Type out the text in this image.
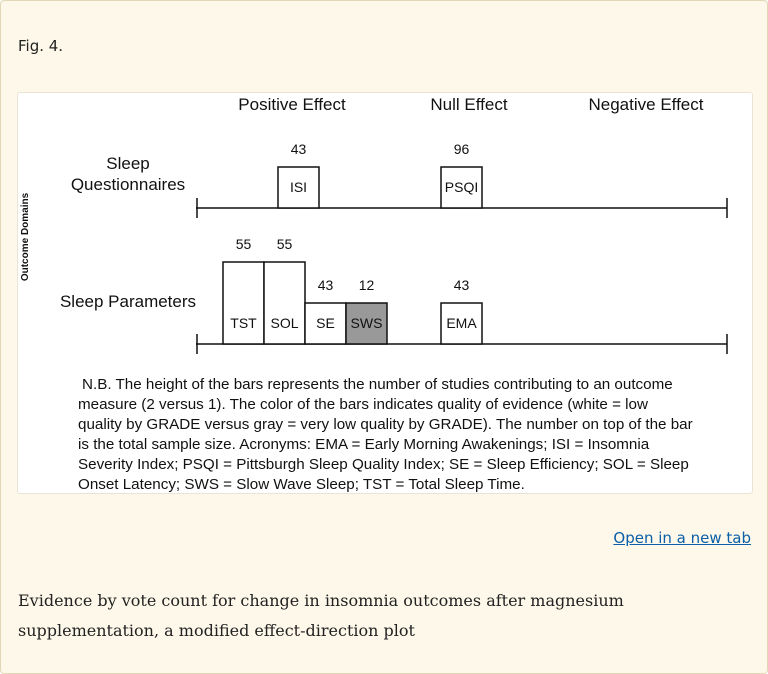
Fig. 4.
Positive Effect	Null Effect	Negative Effect
Outcome Domains
Sleep
Questionnaires
Sleep Parameters
ISI
43
PSQI
96
TST
55
SOL
55
SE
43
SWS
12
EMA
43
N.B. The height of the bars represents the number of studies contributing to an outcome
measure (2 versus 1). The color of the bars indicates quality of evidence (white = low
quality by GRADE versus gray = very low quality by GRADE). The number on top of the bar
is the total sample size. Acronyms: EMA = Early Morning Awakenings; ISI = Insomnia
Severity Index; PSQI = Pittsburgh Sleep Quality Index; SE = Sleep Efficiency; SOL = Sleep
Onset Latency; SWS = Slow Wave Sleep; TST = Total Sleep Time.
Open in a new tab
Evidence by vote count for change in insomnia outcomes after magnesium supplementation, a modified effect-direction plot
